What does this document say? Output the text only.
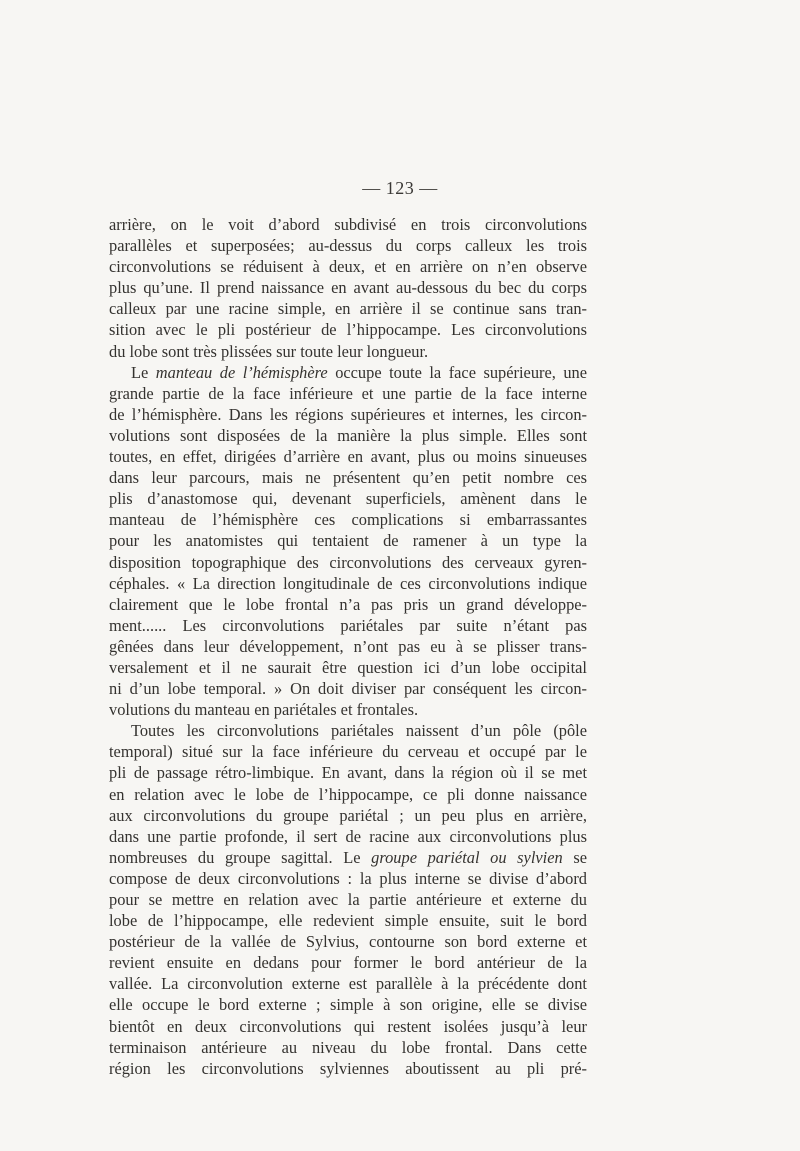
— 123 —
arrière, on le voit d’abord subdivisé en trois circonvolutions
parallèles et superposées; au-dessus du corps calleux les trois
circonvolutions se réduisent à deux, et en arrière on n’en observe
plus qu’une. Il prend naissance en avant au-dessous du bec du corps
calleux par une racine simple, en arrière il se continue sans tran-
sition avec le pli postérieur de l’hippocampe. Les circonvolutions
du lobe sont très plissées sur toute leur longueur.
Le manteau de l’hémisphère occupe toute la face supérieure, une
grande partie de la face inférieure et une partie de la face interne
de l’hémisphère. Dans les régions supérieures et internes, les circon-
volutions sont disposées de la manière la plus simple. Elles sont
toutes, en effet, dirigées d’arrière en avant, plus ou moins sinueuses
dans leur parcours, mais ne présentent qu’en petit nombre ces
plis d’anastomose qui, devenant superficiels, amènent dans le
manteau de l’hémisphère ces complications si embarrassantes
pour les anatomistes qui tentaient de ramener à un type la
disposition topographique des circonvolutions des cerveaux gyren-
céphales. « La direction longitudinale de ces circonvolutions indique
clairement que le lobe frontal n’a pas pris un grand développe-
ment...... Les circonvolutions pariétales par suite n’étant pas
gênées dans leur développement, n’ont pas eu à se plisser trans-
versalement et il ne saurait être question ici d’un lobe occipital
ni d’un lobe temporal. » On doit diviser par conséquent les circon-
volutions du manteau en pariétales et frontales.
Toutes les circonvolutions pariétales naissent d’un pôle (pôle
temporal) situé sur la face inférieure du cerveau et occupé par le
pli de passage rétro-limbique. En avant, dans la région où il se met
en relation avec le lobe de l’hippocampe, ce pli donne naissance
aux circonvolutions du groupe pariétal ; un peu plus en arrière,
dans une partie profonde, il sert de racine aux circonvolutions plus
nombreuses du groupe sagittal. Le groupe pariétal ou sylvien se
compose de deux circonvolutions : la plus interne se divise d’abord
pour se mettre en relation avec la partie antérieure et externe du
lobe de l’hippocampe, elle redevient simple ensuite, suit le bord
postérieur de la vallée de Sylvius, contourne son bord externe et
revient ensuite en dedans pour former le bord antérieur de la
vallée. La circonvolution externe est parallèle à la précédente dont
elle occupe le bord externe ; simple à son origine, elle se divise
bientôt en deux circonvolutions qui restent isolées jusqu’à leur
terminaison antérieure au niveau du lobe frontal. Dans cette
région les circonvolutions sylviennes aboutissent au pli pré-
